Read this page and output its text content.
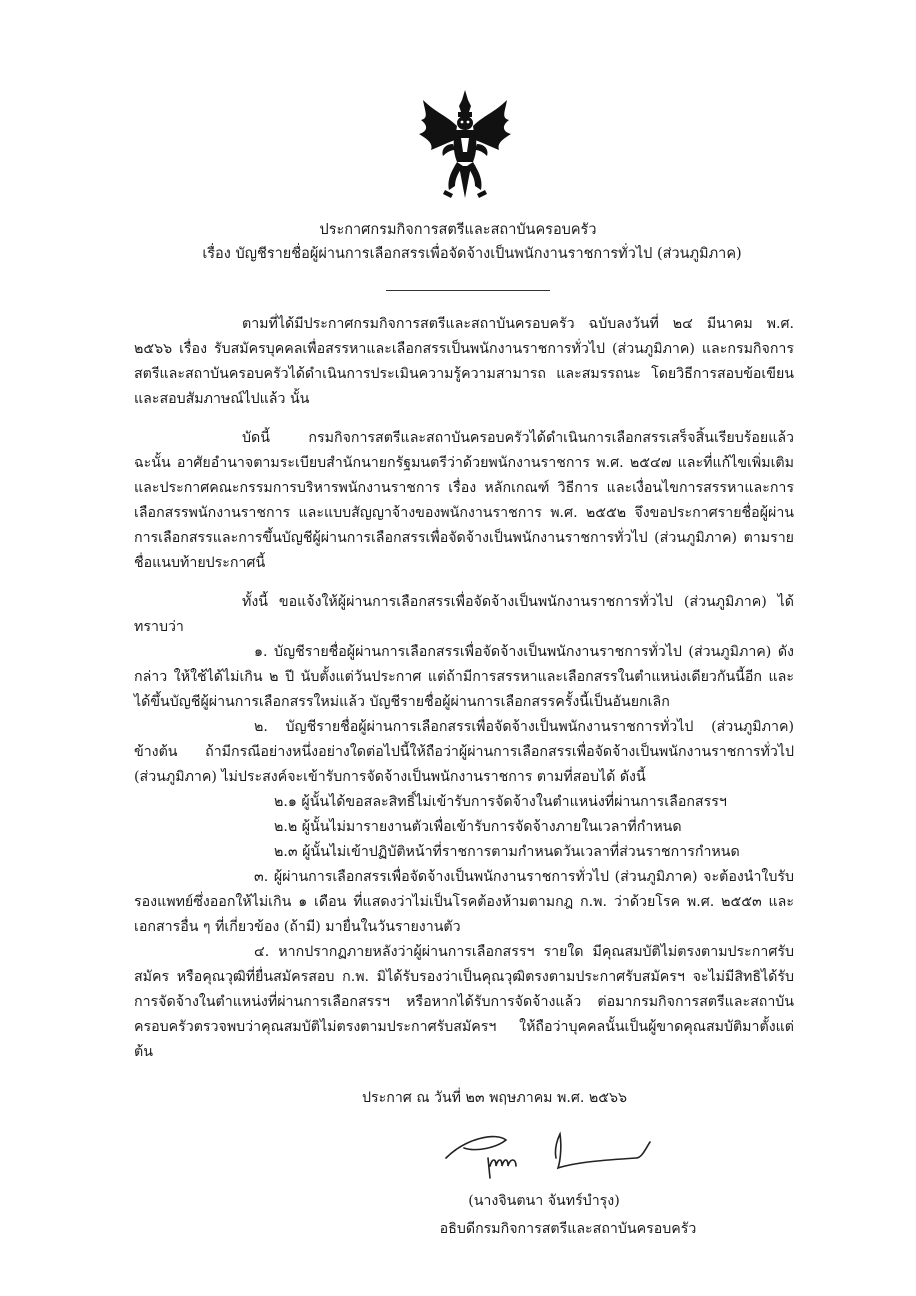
ประกาศกรมกิจการสตรีและสถาบันครอบครัว
เรื่อง บัญชีรายชื่อผู้ผ่านการเลือกสรรเพื่อจัดจ้างเป็นพนักงานราชการทั่วไป (ส่วนภูมิภาค)

ตามที่ได้มีประกาศกรมกิจการสตรีและสถาบันครอบครัว ฉบับลงวันที่ ๒๔ มีนาคม พ.ศ. ๒๕๖๖ เรื่อง รับสมัครบุคคลเพื่อสรรหาและเลือกสรรเป็นพนักงานราชการทั่วไป (ส่วนภูมิภาค) และกรมกิจการสตรีและสถาบันครอบครัวได้ดำเนินการประเมินความรู้ความสามารถ และสมรรถนะ โดยวิธีการสอบข้อเขียนและสอบสัมภาษณ์ไปแล้ว นั้น

บัดนี้ กรมกิจการสตรีและสถาบันครอบครัวได้ดำเนินการเลือกสรรเสร็จสิ้นเรียบร้อยแล้ว ฉะนั้น อาศัยอำนาจตามระเบียบสำนักนายกรัฐมนตรีว่าด้วยพนักงานราชการ พ.ศ. ๒๕๔๗ และที่แก้ไขเพิ่มเติม และประกาศคณะกรรมการบริหารพนักงานราชการ เรื่อง หลักเกณฑ์ วิธีการ และเงื่อนไขการสรรหาและการเลือกสรรพนักงานราชการ และแบบสัญญาจ้างของพนักงานราชการ พ.ศ. ๒๕๕๒ จึงขอประกาศรายชื่อผู้ผ่านการเลือกสรรและการขึ้นบัญชีผู้ผ่านการเลือกสรรเพื่อจัดจ้างเป็นพนักงานราชการทั่วไป (ส่วนภูมิภาค) ตามรายชื่อแนบท้ายประกาศนี้

ทั้งนี้ ขอแจ้งให้ผู้ผ่านการเลือกสรรเพื่อจัดจ้างเป็นพนักงานราชการทั่วไป (ส่วนภูมิภาค) ได้ทราบว่า

๑. บัญชีรายชื่อผู้ผ่านการเลือกสรรเพื่อจัดจ้างเป็นพนักงานราชการทั่วไป (ส่วนภูมิภาค) ดังกล่าว ให้ใช้ได้ไม่เกิน ๒ ปี นับตั้งแต่วันประกาศ แต่ถ้ามีการสรรหาและเลือกสรรในตำแหน่งเดียวกันนี้อีก และได้ขึ้นบัญชีผู้ผ่านการเลือกสรรใหม่แล้ว บัญชีรายชื่อผู้ผ่านการเลือกสรรครั้งนี้เป็นอันยกเลิก

๒. บัญชีรายชื่อผู้ผ่านการเลือกสรรเพื่อจัดจ้างเป็นพนักงานราชการทั่วไป (ส่วนภูมิภาค) ข้างต้น ถ้ามีกรณีอย่างหนึ่งอย่างใดต่อไปนี้ให้ถือว่าผู้ผ่านการเลือกสรรเพื่อจัดจ้างเป็นพนักงานราชการทั่วไป (ส่วนภูมิภาค) ไม่ประสงค์จะเข้ารับการจัดจ้างเป็นพนักงานราชการ ตามที่สอบได้ ดังนี้

๒.๑ ผู้นั้นได้ขอสละสิทธิ์ไม่เข้ารับการจัดจ้างในตำแหน่งที่ผ่านการเลือกสรรฯ

๒.๒ ผู้นั้นไม่มารายงานตัวเพื่อเข้ารับการจัดจ้างภายในเวลาที่กำหนด

๒.๓ ผู้นั้นไม่เข้าปฏิบัติหน้าที่ราชการตามกำหนดวันเวลาที่ส่วนราชการกำหนด

๓. ผู้ผ่านการเลือกสรรเพื่อจัดจ้างเป็นพนักงานราชการทั่วไป (ส่วนภูมิภาค) จะต้องนำใบรับรองแพทย์ซึ่งออกให้ไม่เกิน ๑ เดือน ที่แสดงว่าไม่เป็นโรคต้องห้ามตามกฎ ก.พ. ว่าด้วยโรค พ.ศ. ๒๕๕๓ และเอกสารอื่น ๆ ที่เกี่ยวข้อง (ถ้ามี) มายื่นในวันรายงานตัว

๔. หากปรากฏภายหลังว่าผู้ผ่านการเลือกสรรฯ รายใด มีคุณสมบัติไม่ตรงตามประกาศรับสมัคร หรือคุณวุฒิที่ยื่นสมัครสอบ ก.พ. มิได้รับรองว่าเป็นคุณวุฒิตรงตามประกาศรับสมัครฯ จะไม่มีสิทธิได้รับการจัดจ้างในตำแหน่งที่ผ่านการเลือกสรรฯ หรือหากได้รับการจัดจ้างแล้ว ต่อมากรมกิจการสตรีและสถาบันครอบครัวตรวจพบว่าคุณสมบัติไม่ตรงตามประกาศรับสมัครฯ ให้ถือว่าบุคคลนั้นเป็นผู้ขาดคุณสมบัติมาตั้งแต่ต้น

ประกาศ ณ วันที่ ๒๓ พฤษภาคม พ.ศ. ๒๕๖๖
(นางจินตนา จันทร์บำรุง)
อธิบดีกรมกิจการสตรีและสถาบันครอบครัว
